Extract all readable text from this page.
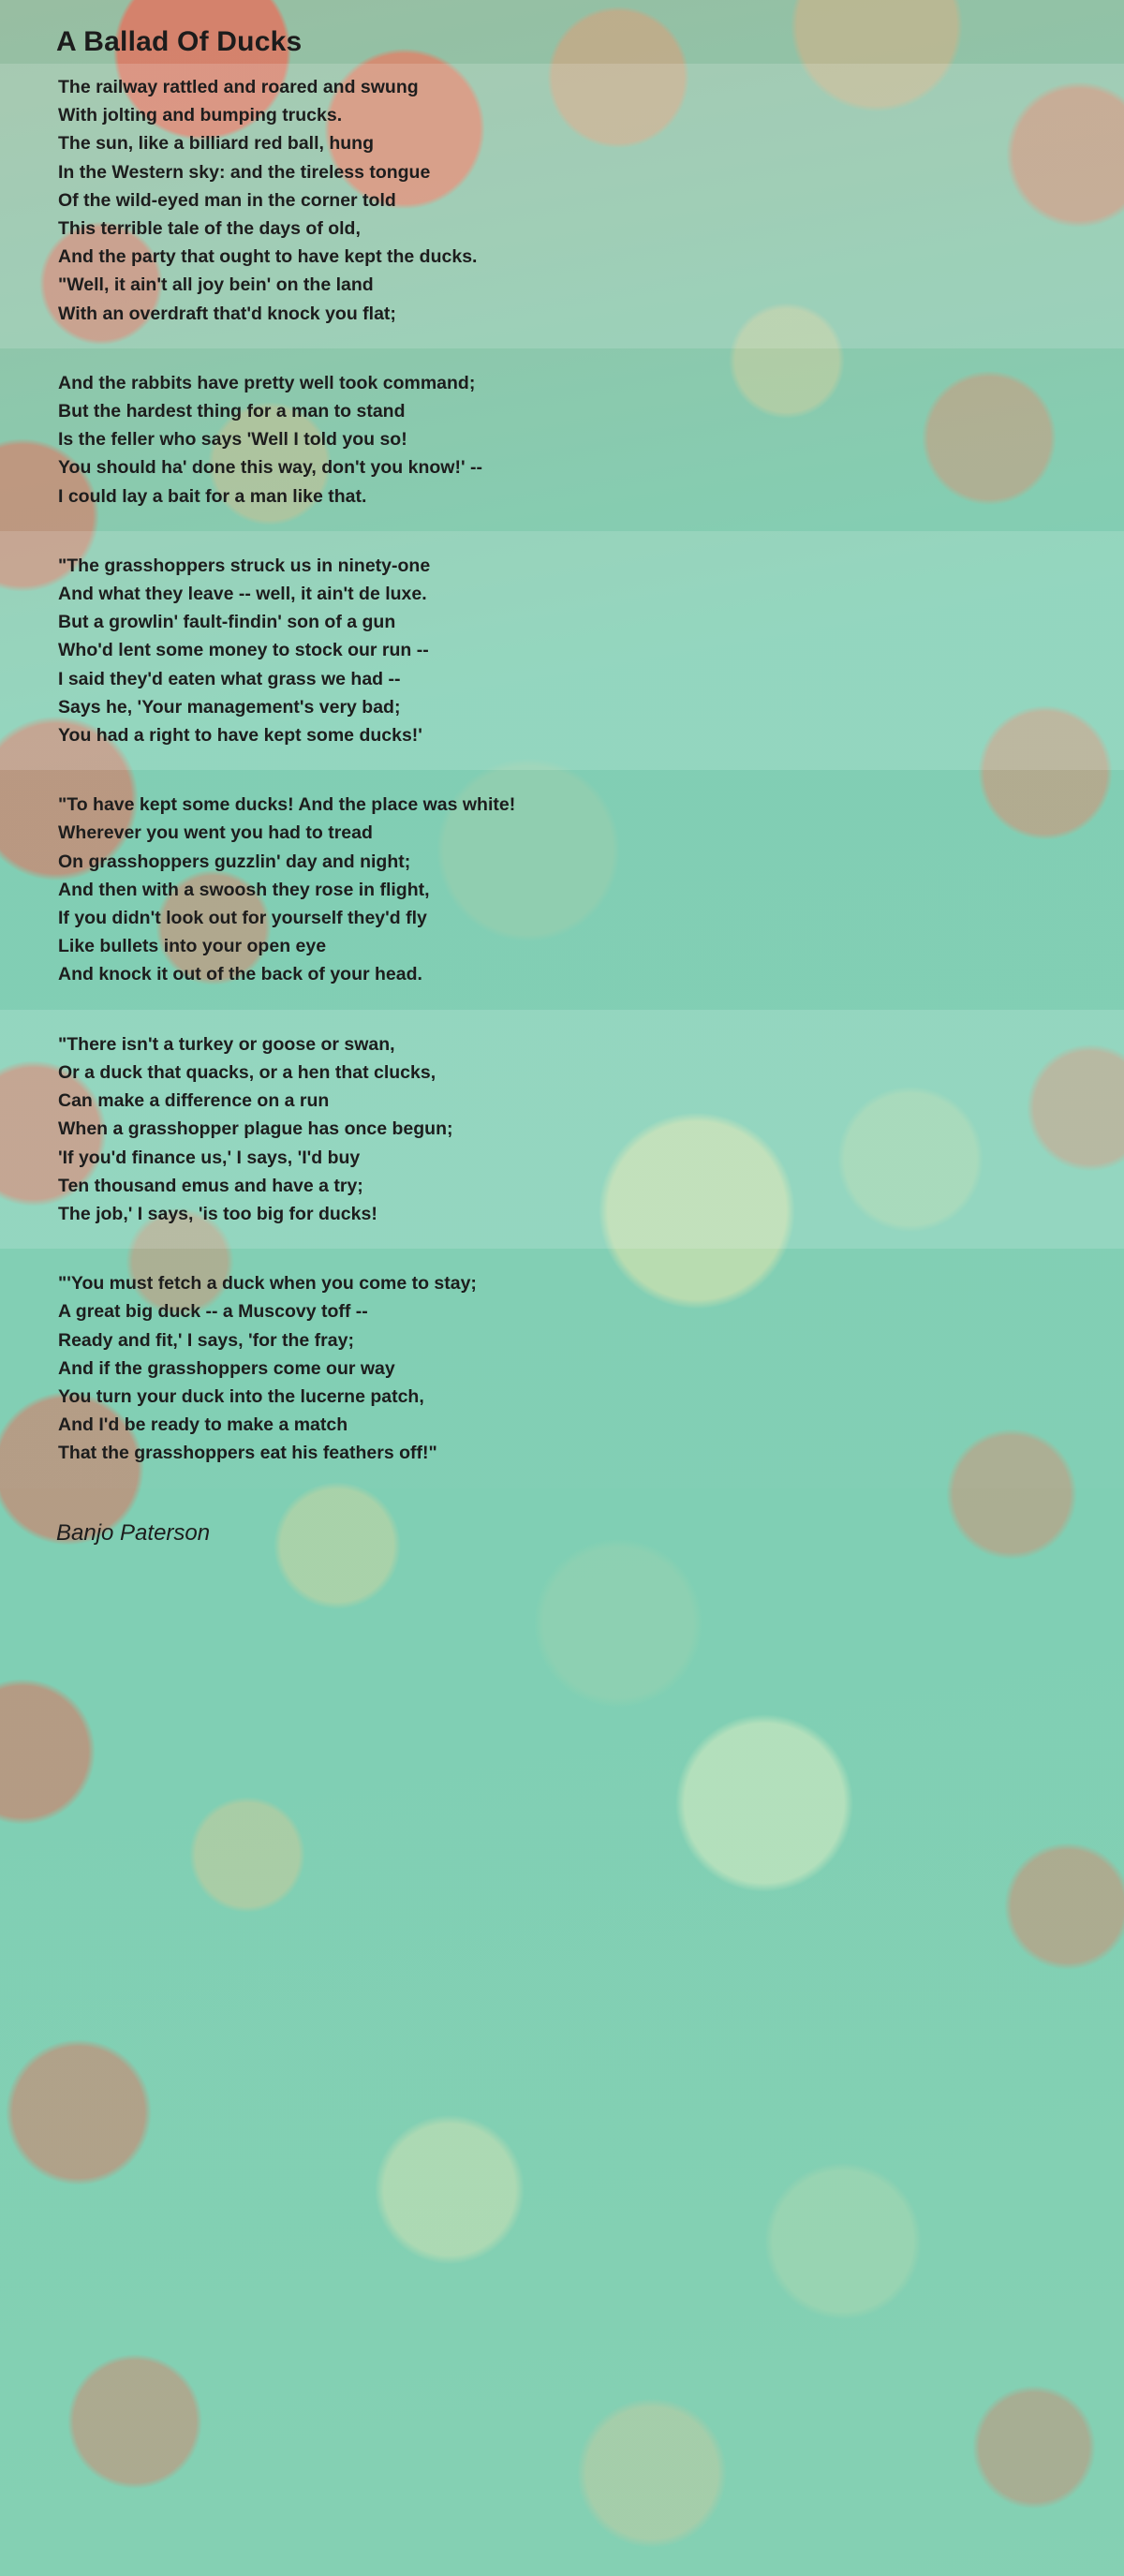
A Ballad Of Ducks
The railway rattled and roared and swung
With jolting and bumping trucks.
The sun, like a billiard red ball, hung
In the Western sky: and the tireless tongue
Of the wild-eyed man in the corner told
This terrible tale of the days of old,
And the party that ought to have kept the ducks.
"Well, it ain't all joy bein' on the land
With an overdraft that'd knock you flat;
And the rabbits have pretty well took command;
But the hardest thing for a man to stand
Is the feller who says 'Well I told you so!
You should ha' done this way, don't you know!' --
I could lay a bait for a man like that.
"The grasshoppers struck us in ninety-one
And what they leave -- well, it ain't de luxe.
But a growlin' fault-findin' son of a gun
Who'd lent some money to stock our run --
I said they'd eaten what grass we had --
Says he, 'Your management's very bad;
You had a right to have kept some ducks!'
"To have kept some ducks! And the place was white!
Wherever you went you had to tread
On grasshoppers guzzlin' day and night;
And then with a swoosh they rose in flight,
If you didn't look out for yourself they'd fly
Like bullets into your open eye
And knock it out of the back of your head.
"There isn't a turkey or goose or swan,
Or a duck that quacks, or a hen that clucks,
Can make a difference on a run
When a grasshopper plague has once begun;
'If you'd finance us,' I says, 'I'd buy
Ten thousand emus and have a try;
The job,' I says, 'is too big for ducks!
"'You must fetch a duck when you come to stay;
A great big duck -- a Muscovy toff --
Ready and fit,' I says, 'for the fray;
And if the grasshoppers come our way
You turn your duck into the lucerne patch,
And I'd be ready to make a match
That the grasshoppers eat his feathers off!"
Banjo Paterson
